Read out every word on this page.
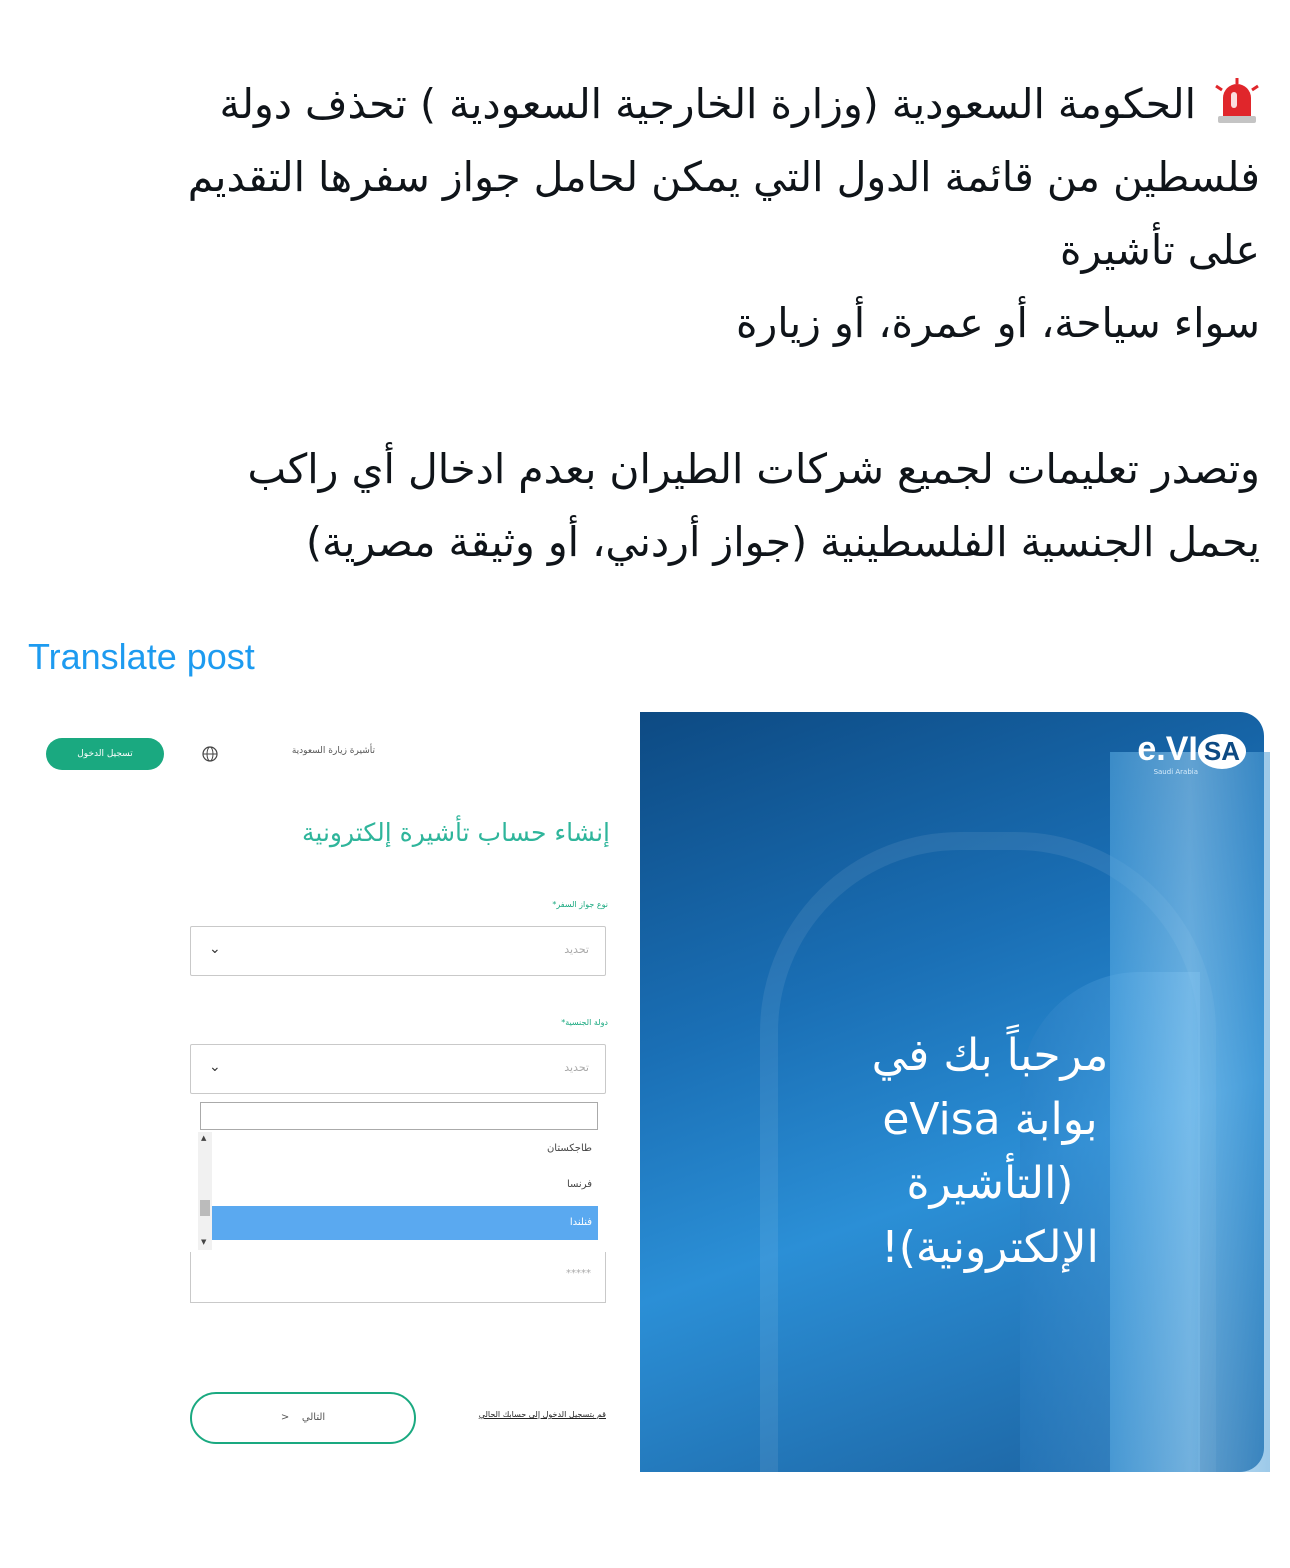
الحكومة السعودية (وزارة الخارجية السعودية ) تحذف دولة

فلسطين من قائمة الدول التي يمكن لحامل جواز سفرها التقديم

على تأشيرة

سواء سياحة، أو عمرة، أو زيارة

وتصدر تعليمات لجميع شركات الطيران بعدم ادخال أي راكب

يحمل الجنسية الفلسطينية (جواز أردني، أو وثيقة مصرية)

Translate post
تسجيل الدخول	تأشيرة زيارة السعودية
إنشاء حساب تأشيرة إلكترونية
نوع جواز السفر*
تحديد
⌄
دولة الجنسية*
تحديد
⌄
▲
▼
طاجكستان
فرنسا
فنلندا
*****
>    التالي	قم بتسجيل الدخول إلى حسابك الحالي
e.VI SA
Saudi Arabia
مرحباً بك في
بوابة eVisa
(التأشيرة
الإلكترونية)!
